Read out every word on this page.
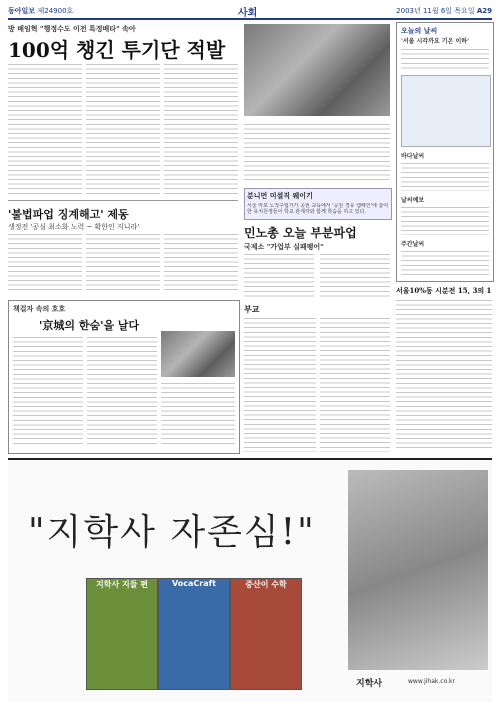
동아일보 제24900호	사회	2003년 11월 6일 목요일 A29
방 배임혁 "행정수도 이전 특정배타" 속아
100억 챙긴 투기단 적발
'불법파업 징계해고' 제동
생정전 '공심 최소화 노력 ~ 확한인 지니라'
분니먼 미셜직 웨이기
서울 마포 노작구립가가 공현 교육에서 '공원 경유 캠페인'에 참여한 유치원생들이 학교 관계자와 함께 학습을 하고 있다.
민노총 오늘 부분파업
국제소 "가업부 실패팽어"
책걸자 속의 호호
'京城의 한숨'을 날다
부교
오늘의 날씨
'서울 시각까요 기온 이하'
바다날씨
날씨예보
주간날씨
서울10%동 시분전 15, 3의 1
"지학사 자존심!"
지학사 지들 편	VocaCraft	중산이 수학
지학사	www.jihak.co.kr
